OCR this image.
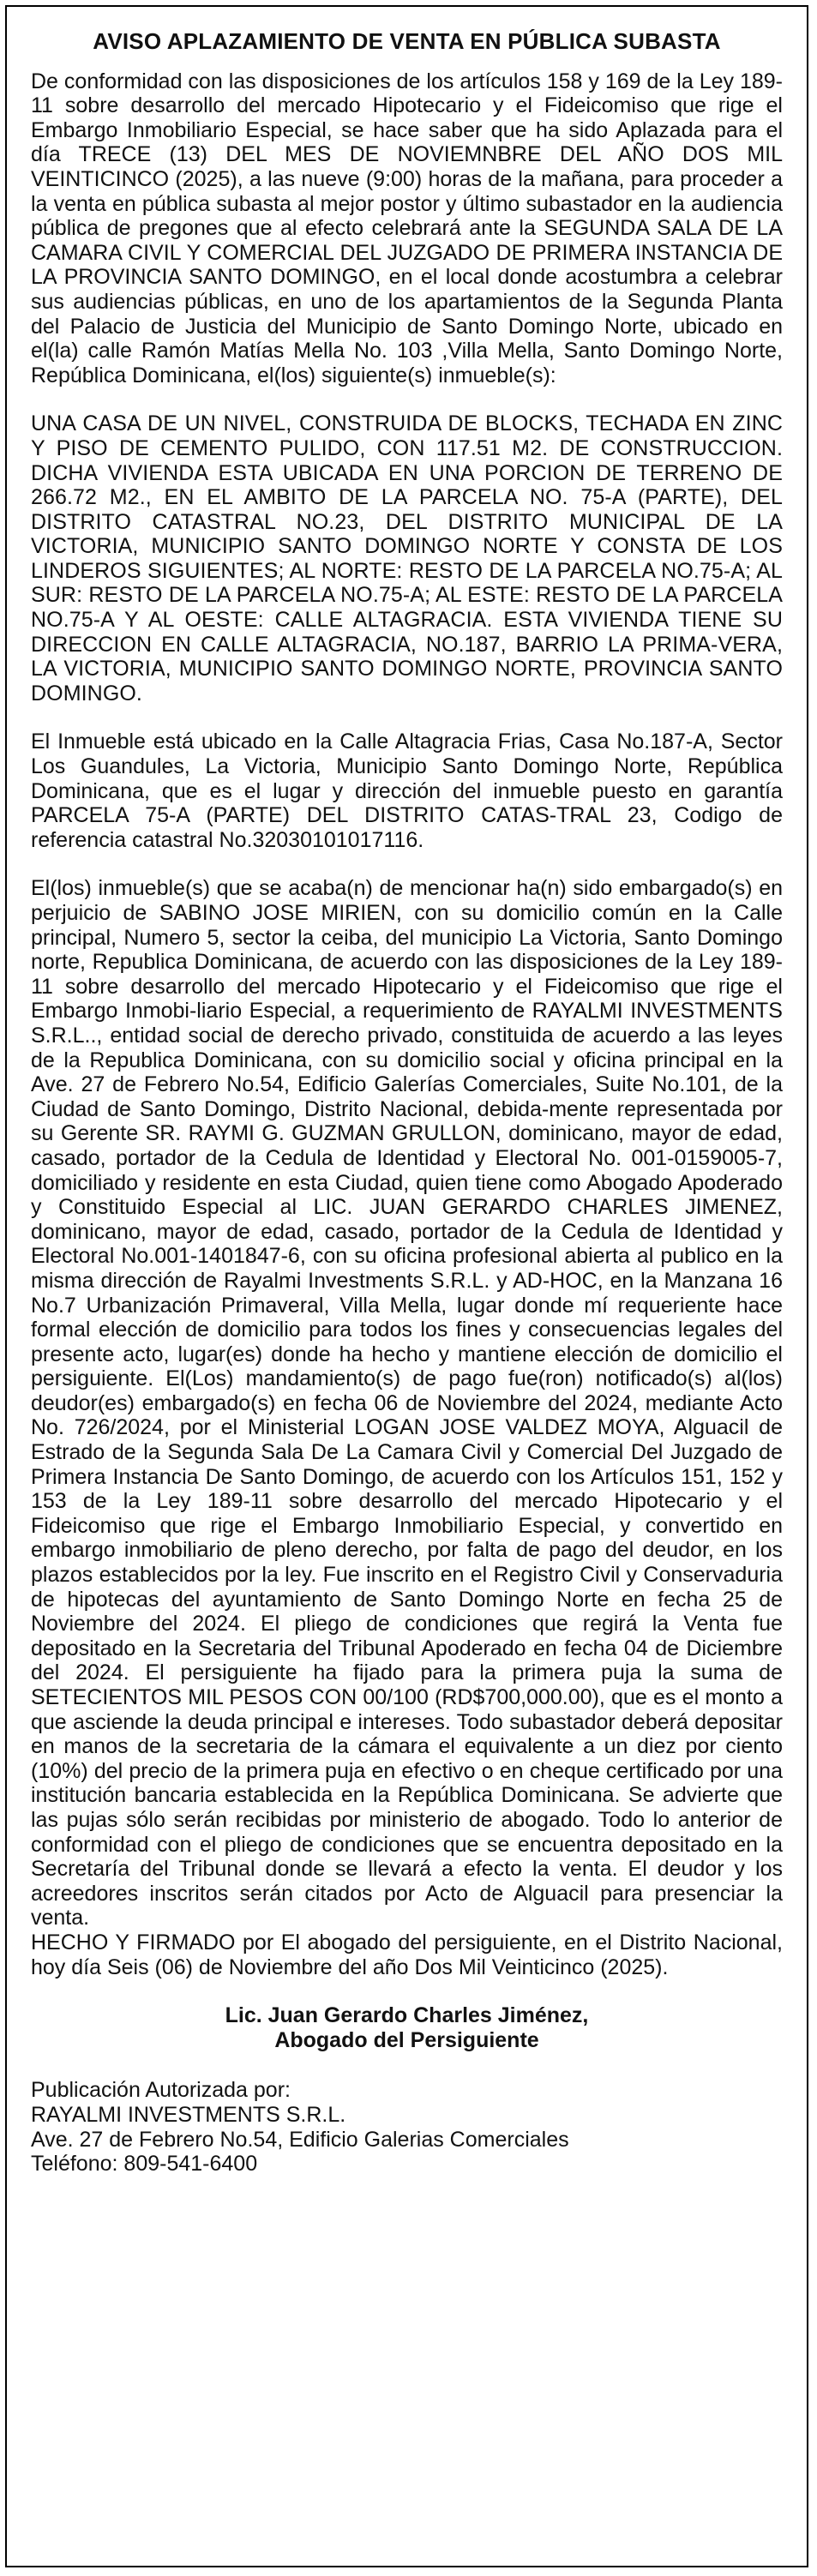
AVISO APLAZAMIENTO DE VENTA EN PÚBLICA SUBASTA

De conformidad con las disposiciones de los artículos 158 y 169 de la Ley 189-11 sobre desarrollo del mercado Hipotecario y el Fideicomiso que rige el Embargo Inmobiliario Especial, se hace saber que ha sido Aplazada para el día TRECE (13) DEL MES DE NOVIEMNBRE DEL AÑO DOS MIL VEINTICINCO (2025), a las nueve (9:00) horas de la mañana, para proceder a la venta en pública subasta al mejor postor y último subastador en la audiencia pública de pregones que al efecto celebrará ante la SEGUNDA SALA DE LA CAMARA CIVIL Y COMERCIAL DEL JUZGADO DE PRIMERA INSTANCIA DE LA PROVINCIA SANTO DOMINGO, en el local donde acostumbra a celebrar sus audiencias públicas, en uno de los apartamientos de la Segunda Planta del Palacio de Justicia del Municipio de Santo Domingo Norte, ubicado en el(la) calle Ramón Matías Mella No. 103 ,Villa Mella, Santo Domingo Norte, República Dominicana, el(los) siguiente(s) inmueble(s):

UNA CASA DE UN NIVEL, CONSTRUIDA DE BLOCKS, TECHADA EN ZINC Y PISO DE CEMENTO PULIDO, CON 117.51 M2. DE CONSTRUCCION. DICHA VIVIENDA ESTA UBICADA EN UNA PORCION DE TERRENO DE 266.72 M2., EN EL AMBITO DE LA PARCELA NO. 75-A (PARTE), DEL DISTRITO CATASTRAL NO.23, DEL DISTRITO MUNICIPAL DE LA VICTORIA, MUNICIPIO SANTO DOMINGO NORTE Y CONSTA DE LOS LINDEROS SIGUIENTES; AL NORTE: RESTO DE LA PARCELA NO.75-A; AL SUR: RESTO DE LA PARCELA NO.75-A; AL ESTE: RESTO DE LA PARCELA NO.75-A Y AL OESTE: CALLE ALTAGRACIA. ESTA VIVIENDA TIENE SU DIRECCION EN CALLE ALTAGRACIA, NO.187, BARRIO LA PRIMA-VERA, LA VICTORIA, MUNICIPIO SANTO DOMINGO NORTE, PROVINCIA SANTO DOMINGO.

El Inmueble está ubicado en la Calle Altagracia Frias, Casa No.187-A, Sector Los Guandules, La Victoria, Municipio Santo Domingo Norte, República Dominicana, que es el lugar y dirección del inmueble puesto en garantía PARCELA 75-A (PARTE) DEL DISTRITO CATAS-TRAL 23, Codigo de referencia catastral No.32030101017116.

El(los) inmueble(s) que se acaba(n) de mencionar ha(n) sido embargado(s) en perjuicio de SABINO JOSE MIRIEN, con su domicilio común en la Calle principal, Numero 5, sector la ceiba, del municipio La Victoria, Santo Domingo norte, Republica Dominicana, de acuerdo con las disposiciones de la Ley 189-11 sobre desarrollo del mercado Hipotecario y el Fideicomiso que rige el Embargo Inmobi-liario Especial, a requerimiento de RAYALMI INVESTMENTS S.R.L.., entidad social de derecho privado, constituida de acuerdo a las leyes de la Republica Dominicana, con su domicilio social y oficina principal en la Ave. 27 de Febrero No.54, Edificio Galerías Comerciales, Suite No.101, de la Ciudad de Santo Domingo, Distrito Nacional, debida-mente representada por su Gerente SR. RAYMI G. GUZMAN GRULLON, dominicano, mayor de edad, casado, portador de la Cedula de Identidad y Electoral No. 001-0159005-7, domiciliado y residente en esta Ciudad, quien tiene como Abogado Apoderado y Constituido Especial al LIC. JUAN GERARDO CHARLES JIMENEZ, dominicano, mayor de edad, casado, portador de la Cedula de Identidad y Electoral No.001-1401847-6, con su oficina profesional abierta al publico en la misma dirección de Rayalmi Investments S.R.L. y AD-HOC, en la Manzana 16 No.7 Urbanización Primaveral, Villa Mella, lugar donde mí requeriente hace formal elección de domicilio para todos los fines y consecuencias legales del presente acto, lugar(es) donde ha hecho y mantiene elección de domicilio el persiguiente. El(Los) mandamiento(s) de pago fue(ron) notificado(s) al(los) deudor(es) embargado(s) en fecha 06 de Noviembre del 2024, mediante Acto No. 726/2024, por el Ministerial LOGAN JOSE VALDEZ MOYA, Alguacil de Estrado de la Segunda Sala De La Camara Civil y Comercial Del Juzgado de Primera Instancia De Santo Domingo, de acuerdo con los Artículos 151, 152 y 153 de la Ley 189-11 sobre desarrollo del mercado Hipotecario y el Fideicomiso que rige el Embargo Inmobiliario Especial, y convertido en embargo inmobiliario de pleno derecho, por falta de pago del deudor, en los plazos establecidos por la ley. Fue inscrito en el Registro Civil y Conservaduria de hipotecas del ayuntamiento de Santo Domingo Norte en fecha 25 de Noviembre del 2024. El pliego de condiciones que regirá la Venta fue depositado en la Secretaria del Tribunal Apoderado en fecha 04 de Diciembre del 2024. El persiguiente ha fijado para la primera puja la suma de SETECIENTOS MIL PESOS CON 00/100 (RD$700,000.00), que es el monto a que asciende la deuda principal e intereses. Todo subastador deberá depositar en manos de la secretaria de la cámara el equivalente a un diez por ciento (10%) del precio de la primera puja en efectivo o en cheque certificado por una institución bancaria establecida en la República Dominicana. Se advierte que las pujas sólo serán recibidas por ministerio de abogado. Todo lo anterior de conformidad con el pliego de condiciones que se encuentra depositado en la Secretaría del Tribunal donde se llevará a efecto la venta. El deudor y los acreedores inscritos serán citados por Acto de Alguacil para presenciar la venta.
HECHO Y FIRMADO por El abogado del persiguiente, en el Distrito Nacional, hoy día Seis (06) de Noviembre del año Dos Mil Veinticinco (2025).

Lic. Juan Gerardo Charles Jiménez,
Abogado del Persiguiente

Publicación Autorizada por:
RAYALMI INVESTMENTS S.R.L.
Ave. 27 de Febrero No.54, Edificio Galerias Comerciales
Teléfono: 809-541-6400
